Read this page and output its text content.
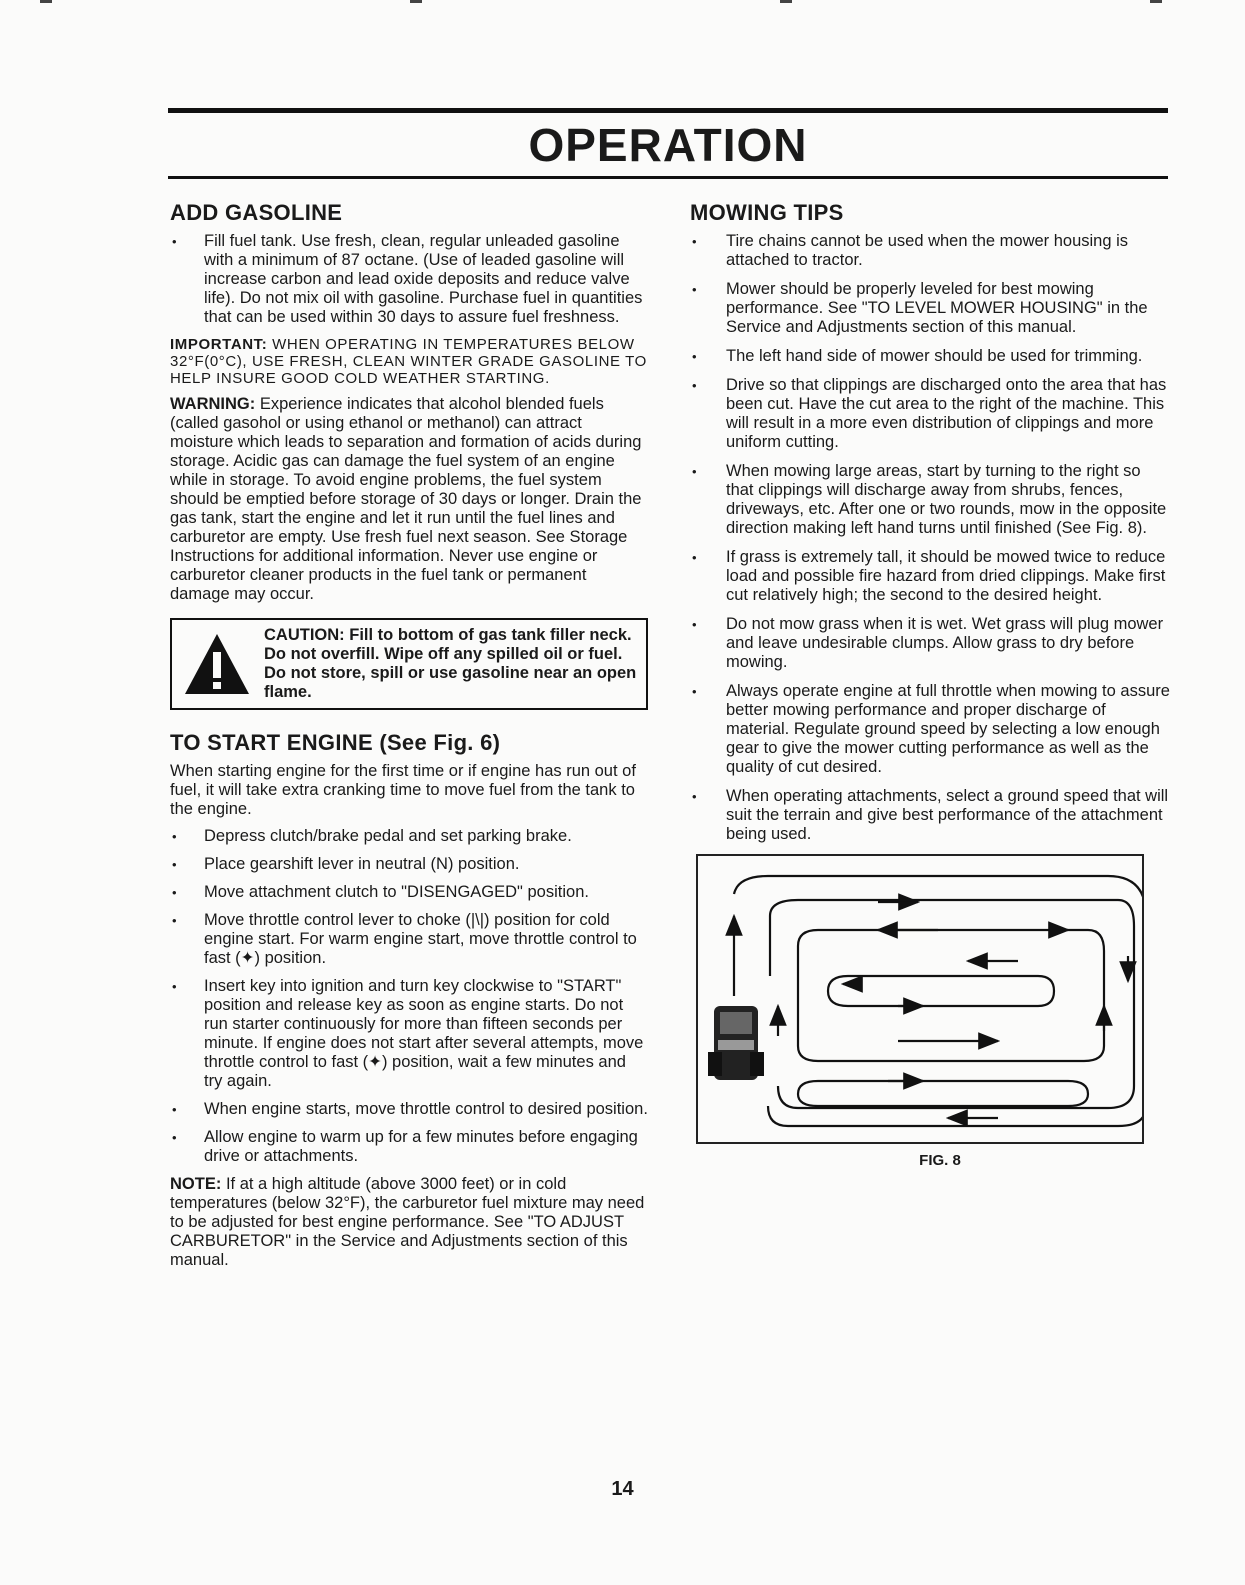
OPERATION
ADD GASOLINE
• Fill fuel tank. Use fresh, clean, regular unleaded gasoline with a minimum of 87 octane. (Use of leaded gasoline will increase carbon and lead oxide deposits and reduce valve life). Do not mix oil with gasoline. Purchase fuel in quantities that can be used within 30 days to assure fuel freshness.

IMPORTANT: WHEN OPERATING IN TEMPERATURES BELOW 32°F(0°C), USE FRESH, CLEAN WINTER GRADE GASOLINE TO HELP INSURE GOOD COLD WEATHER STARTING.

WARNING: Experience indicates that alcohol blended fuels (called gasohol or using ethanol or methanol) can attract moisture which leads to separation and formation of acids during storage. Acidic gas can damage the fuel system of an engine while in storage. To avoid engine problems, the fuel system should be emptied before storage of 30 days or longer. Drain the gas tank, start the engine and let it run until the fuel lines and carburetor are empty. Use fresh fuel next season. See Storage Instructions for additional information. Never use engine or carburetor cleaner products in the fuel tank or permanent damage may occur.

CAUTION: Fill to bottom of gas tank filler neck. Do not overfill. Wipe off any spilled oil or fuel. Do not store, spill or use gasoline near an open flame.
TO START ENGINE (See Fig. 6)

When starting engine for the first time or if engine has run out of fuel, it will take extra cranking time to move fuel from the tank to the engine.

• Depress clutch/brake pedal and set parking brake.
• Place gearshift lever in neutral (N) position.
• Move attachment clutch to "DISENGAGED" position.
• Move throttle control lever to choke (|\|) position for cold engine start. For warm engine start, move throttle control to fast (✦) position.
• Insert key into ignition and turn key clockwise to "START" position and release key as soon as engine starts. Do not run starter continuously for more than fifteen seconds per minute. If engine does not start after several attempts, move throttle control to fast (✦) position, wait a few minutes and try again.
• When engine starts, move throttle control to desired position.
• Allow engine to warm up for a few minutes before engaging drive or attachments.

NOTE: If at a high altitude (above 3000 feet) or in cold temperatures (below 32°F), the carburetor fuel mixture may need to be adjusted for best engine performance. See "TO ADJUST CARBURETOR" in the Service and Adjustments section of this manual.

MOWING TIPS
• Tire chains cannot be used when the mower housing is attached to tractor.
• Mower should be properly leveled for best mowing performance. See "TO LEVEL MOWER HOUSING" in the Service and Adjustments section of this manual.
• The left hand side of mower should be used for trimming.
• Drive so that clippings are discharged onto the area that has been cut. Have the cut area to the right of the machine. This will result in a more even distribution of clippings and more uniform cutting.
• When mowing large areas, start by turning to the right so that clippings will discharge away from shrubs, fences, driveways, etc. After one or two rounds, mow in the opposite direction making left hand turns until finished (See Fig. 8).
• If grass is extremely tall, it should be mowed twice to reduce load and possible fire hazard from dried clippings. Make first cut relatively high; the second to the desired height.
• Do not mow grass when it is wet. Wet grass will plug mower and leave undesirable clumps. Allow grass to dry before mowing.
• Always operate engine at full throttle when mowing to assure better mowing performance and proper discharge of material. Regulate ground speed by selecting a low enough gear to give the mower cutting performance as well as the quality of cut desired.
• When operating attachments, select a ground speed that will suit the terrain and give best performance of the attachment being used.
FIG. 8
14
